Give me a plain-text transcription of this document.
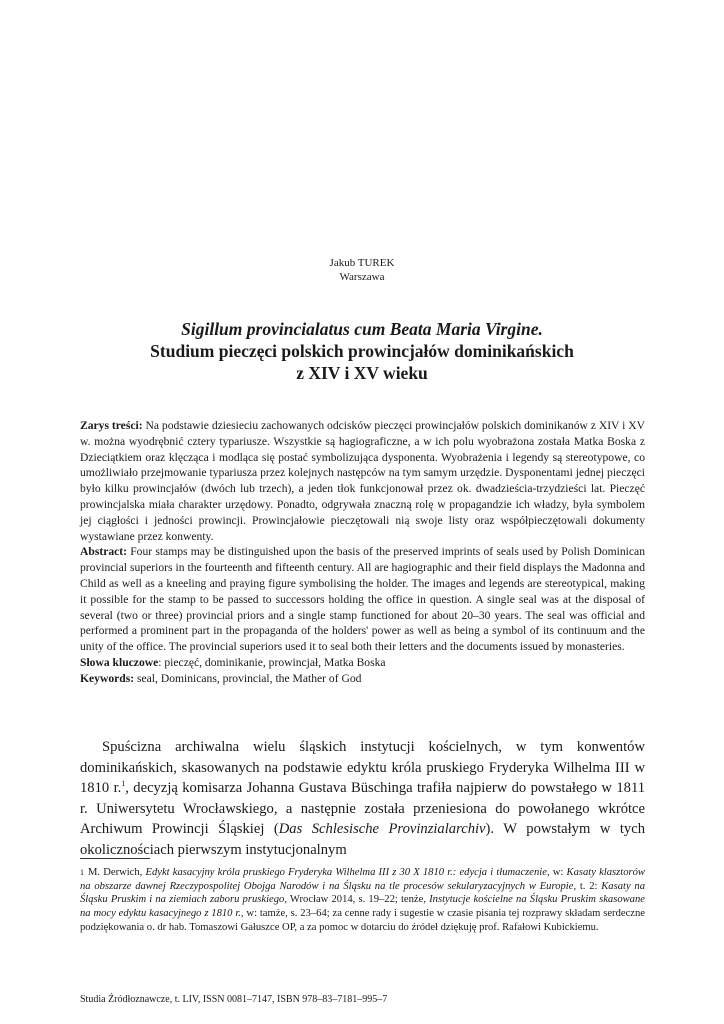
Jakub TUREK
Warszawa
Sigillum provincialatus cum Beata Maria Virgine.
Studium pieczęci polskich prowincjałów dominikańskich
z XIV i XV wieku

Zarys treści: Na podstawie dziesieciu zachowanych odcisków pieczęci prowincjałów polskich dominikanów z XIV i XV w. można wyodrębnić cztery typariusze. Wszystkie są hagiograficzne, a w ich polu wyobrażona została Matka Boska z Dzieciątkiem oraz klęcząca i modląca się postać symbolizująca dysponenta. Wyobrażenia i legendy są stereotypowe, co umożliwiało przejmowanie typariusza przez kolejnych następców na tym samym urzędzie. Dysponentami jednej pieczęci było kilku prowincjałów (dwóch lub trzech), a jeden tłok funkcjonował przez ok. dwadzieścia-trzydzieści lat. Pieczęć prowincjalska miała charakter urzędowy. Ponadto, odgrywała znaczną rolę w propagandzie ich władzy, była symbolem jej ciągłości i jedności prowincji. Prowincjałowie pieczętowali nią swoje listy oraz współpieczętowali dokumenty wystawiane przez konwenty.

Abstract: Four stamps may be distinguished upon the basis of the preserved imprints of seals used by Polish Dominican provincial superiors in the fourteenth and fifteenth century. All are hagiographic and their field displays the Madonna and Child as well as a kneeling and praying figure symbolising the holder. The images and legends are stereotypical, making it possible for the stamp to be passed to successors holding the office in question. A single seal was at the disposal of several (two or three) provincial priors and a single stamp functioned for about 20–30 years. The seal was official and performed a prominent part in the propaganda of the holders' power as well as being a symbol of its continuum and the unity of the office. The provincial superiors used it to seal both their letters and the documents issued by monasteries.

Słowa kluczowe: pieczęć, dominikanie, prowincjał, Matka Boska

Keywords: seal, Dominicans, provincial, the Mather of God

Spuścizna archiwalna wielu śląskich instytucji kościelnych, w tym konwentów dominikańskich, skasowanych na podstawie edyktu króla pruskiego Fryderyka Wilhelma III w 1810 r.$^1$, decyzją komisarza Johanna Gustava Büschinga trafiła najpierw do powstałego w 1811 r. Uniwersytetu Wrocławskiego, a następnie została przeniesiona do powołanego wkrótce Archiwum Prowincji Śląskiej (Das Schlesische Provinzialarchiv). W powstałym w tych okolicznościach pierwszym instytucjonalnym

$^1$ M. Derwich, Edykt kasacyjny króla pruskiego Fryderyka Wilhelma III z 30 X 1810 r.: edycja i tłumaczenie, w: Kasaty klasztorów na obszarze dawnej Rzeczypospolitej Obojga Narodów i na Śląsku na tle procesów sekularyzacyjnych w Europie, t. 2: Kasaty na Śląsku Pruskim i na ziemiach zaboru pruskiego, Wrocław 2014, s. 19–22; tenże, Instytucje kościelne na Śląsku Pruskim skasowane na mocy edyktu kasacyjnego z 1810 r., w: tamże, s. 23–64; za cenne rady i sugestie w czasie pisania tej rozprawy składam serdeczne podziękowania o. dr hab. Tomaszowi Gałuszce OP, a za pomoc w dotarciu do źródeł dziękuję prof. Rafałowi Kubickiemu.

Studia Źródłoznawcze, t. LIV, ISSN 0081–7147, ISBN 978–83–7181–995–7
